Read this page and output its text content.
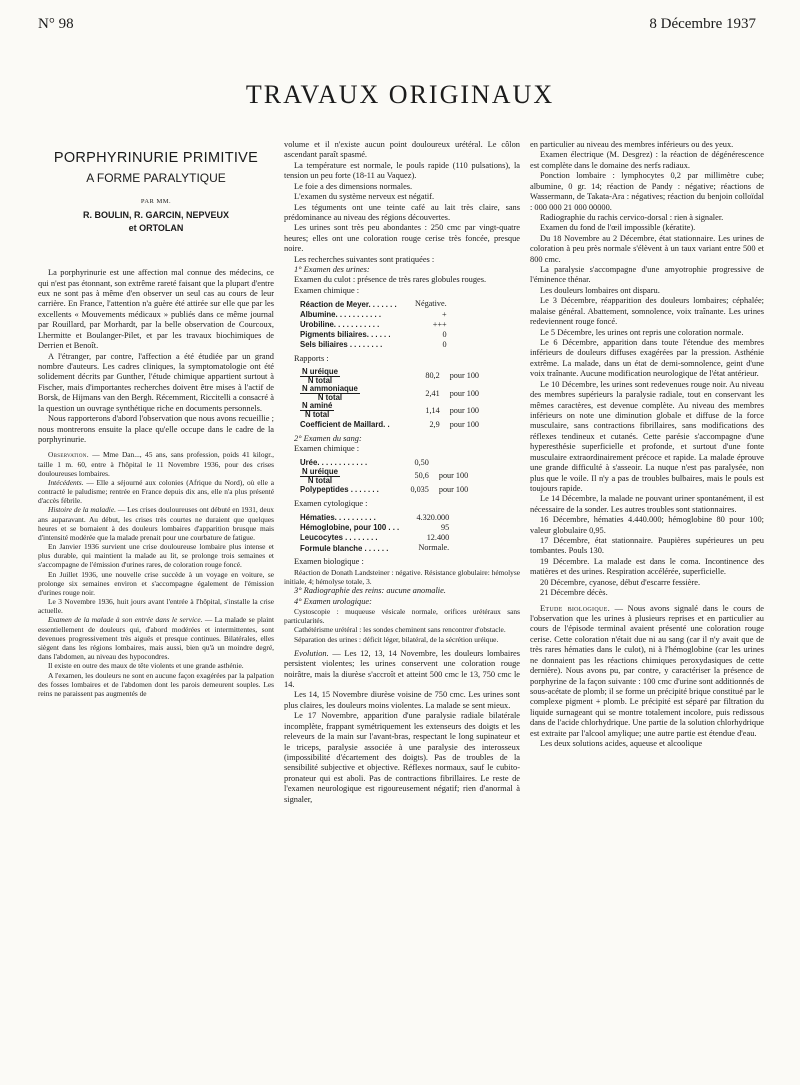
N° 98	8 Décembre 1937
TRAVAUX ORIGINAUX
PORPHYRINURIE PRIMITIVE
A FORME PARALYTIQUE
PAR MM.
R. BOULIN, R. GARCIN, NEPVEUX
et ORTOLAN

La porphyrinurie est une affection mal connue des médecins, ce qui n'est pas étonnant, son extrême rareté faisant que la plupart d'entre eux ne sont pas à même d'en observer un seul cas au cours de leur carrière. En France, l'attention n'a guère été attirée sur elle que par les excellents « Mouvements médicaux » publiés dans ce même journal par Rouillard, par Morhardt, par la belle observation de Courcoux, Lhermitte et Boulanger-Pilet, et par les travaux biochimiques de Derrien et Benoît.

A l'étranger, par contre, l'affection a été étudiée par un grand nombre d'auteurs. Les cadres cliniques, la symptomatologie ont été solidement décrits par Gunther, l'étude chimique appartient surtout à Fischer, mais d'importantes recherches doivent être mises à l'actif de Borsk, de Hijmans van den Bergh. Récemment, Riccitelli a consacré à la question un ouvrage synthétique riche en documents personnels.

Nous rapporterons d'abord l'observation que nous avons recueillie ; nous montrerons ensuite la place qu'elle occupe dans le cadre de la porphyrinurie.

Observation. — Mme Dan..., 45 ans, sans profession, poids 41 kilogr., taille 1 m. 60, entre à l'hôpital le 11 Novembre 1936, pour des crises douloureuses lombaires.

Intécédents. — Elle a séjourné aux colonies (Afrique du Nord), où elle a contracté le paludisme; rentrée en France depuis dix ans, elle n'a plus présenté d'accès fébrile.

Histoire de la maladie. — Les crises douloureuses ont débuté en 1931, deux ans auparavant. Au début, les crises très courtes ne duraient que quelques heures et se bornaient à des douleurs lombaires d'apparition brusque mais d'intensité modérée que la malade prenait pour une courbature de fatigue.

En Janvier 1936 survient une crise douloureuse lombaire plus intense et plus durable, qui maintient la malade au lit, se prolonge trois semaines et s'accompagne de l'émission d'urines rares, de coloration rouge foncé.

En Juillet 1936, une nouvelle crise succède à un voyage en voiture, se prolonge six semaines environ et s'accompagne également de l'émission d'urines rouge noir.

Le 3 Novembre 1936, huit jours avant l'entrée à l'hôpital, s'installe la crise actuelle.

Examen de la malade à son entrée dans le service. — La malade se plaint essentiellement de douleurs qui, d'abord modérées et intermittentes, sont devenues progressivement très aiguës et presque continues. Bilatérales, elles siègent dans les régions lombaires, mais aussi, bien qu'à un moindre degré, dans l'abdomen, au niveau des hypocondres.

Il existe en outre des maux de tête violents et une grande asthénie.

A l'examen, les douleurs ne sont en aucune façon exagérées par la palpation des fosses lombaires et de l'abdomen dont les parois demeurent souples. Les reins ne paraissent pas augmentés de

volume et il n'existe aucun point douloureux urétéral. Le côlon ascendant paraît spasmé.

La température est normale, le pouls rapide (110 pulsations), la tension un peu forte (18-11 au Vaquez).

Le foie a des dimensions normales.

L'examen du système nerveux est négatif.

Les téguments ont une teinte café au lait très claire, sans prédominance au niveau des régions découvertes.

Les urines sont très peu abondantes : 250 cmc par vingt-quatre heures; elles ont une coloration rouge cerise très foncée, presque noire.

Les recherches suivantes sont pratiquées :

1° Examen des urines:

Examen du culot : présence de très rares globules rouges.

Examen chimique :

Réaction de Meyer. . . . . . .	Négative.
Albumine. . . . . . . . . . .	+
Urobiline. . . . . . . . . . .	+++
Pigments biliaires. . . . . .	0
Sels biliaires . . . . . . . .	0

Rapports :

$\frac{\text{N uréique}}{\text{N total}}$	80,2	pour 100

$\frac{\text{N ammoniaque}}{\text{N total}}$	2,41	pour 100

$\frac{\text{N aminé}}{\text{N total}}$	1,14	pour 100
Coefficient de Maillard. .	2,9	pour 100

2° Examen du sang:

Examen chimique :

Urée. . . . . . . . . . . .	0,50	

$\frac{\text{N uréique}}{\text{N total}}$	50,6	pour 100
Polypeptides . . . . . . .	0,035	pour 100

Examen cytologique :

Hématies. . . . . . . . . .	4.320.000
Hémoglobine, pour 100 . . .	95
Leucocytes . . . . . . . .	12.400
Formule blanche . . . . . .	Normale.

Examen biologique :

Réaction de Donath Landsteiner : négative. Résistance globulaire: hémolyse initiale, 4; hémolyse totale, 3.

3° Radiographie des reins: aucune anomalie.

4° Examen urologique:

Cystoscopie : muqueuse vésicale normale, orifices urétéraux sans particularités.

Cathétérisme urétéral : les sondes cheminent sans rencontrer d'obstacle.

Séparation des urines : déficit léger, bilatéral, de la sécrétion uréique.

Evolution. — Les 12, 13, 14 Novembre, les douleurs lombaires persistent violentes; les urines conservent une coloration rouge noirâtre, mais la diurèse s'accroît et atteint 500 cmc le 13, 750 cmc le 14.

Les 14, 15 Novembre diurèse voisine de 750 cmc. Les urines sont plus claires, les douleurs moins violentes. La malade se sent mieux.

Le 17 Novembre, apparition d'une paralysie radiale bilatérale incomplète, frappant symétriquement les extenseurs des doigts et les releveurs de la main sur l'avant-bras, respectant le long supinateur et le triceps, paralysie associée à une paralysie des interosseux (impossibilité d'écartement des doigts). Pas de troubles de la sensibilité subjective et objective. Réflexes normaux, sauf le cubito-pronateur qui est aboli. Pas de contractions fibrillaires. Le reste de l'examen neurologique est rigoureusement négatif; rien d'anormal à signaler,

en particulier au niveau des membres inférieurs ou des yeux.

Examen électrique (M. Desgrez) : la réaction de dégénérescence est complète dans le domaine des nerfs radiaux.

Ponction lombaire : lymphocytes 0,2 par millimètre cube; albumine, 0 gr. 14; réaction de Pandy : négative; réactions de Wassermann, de Takata-Ara : négatives; réaction du benjoin colloïdal : 000 000 21 000 00000.

Radiographie du rachis cervico-dorsal : rien à signaler.

Examen du fond de l'œil impossible (kératite).

Du 18 Novembre au 2 Décembre, état stationnaire. Les urines de coloration à peu près normale s'élèvent à un taux variant entre 500 et 800 cmc.

La paralysie s'accompagne d'une amyotrophie progressive de l'éminence thénar.

Les douleurs lombaires ont disparu.

Le 3 Décembre, réapparition des douleurs lombaires; céphalée; malaise général. Abattement, somnolence, voix traînante. Les urines redeviennent rouge foncé.

Le 5 Décembre, les urines ont repris une coloration normale.

Le 6 Décembre, apparition dans toute l'étendue des membres inférieurs de douleurs diffuses exagérées par la pression. Asthénie extrême. La malade, dans un état de demi-somnolence, geint d'une voix traînante. Aucune modification neurologique de l'état antérieur.

Le 10 Décembre, les urines sont redevenues rouge noir. Au niveau des membres supérieurs la paralysie radiale, tout en conservant les mêmes caractères, est devenue complète. Au niveau des membres inférieurs on note une diminution globale et diffuse de la force musculaire, sans contractions fibrillaires, sans modifications des réflexes tendineux et cutanés. Cette parésie s'accompagne d'une hyperesthésie superficielle et profonde, et surtout d'une fonte musculaire extraordinairement précoce et rapide. La malade éprouve une grande difficulté à s'asseoir. La nuque n'est pas paralysée, non plus que le voile. Il n'y a pas de troubles bulbaires, mais le pouls est toujours rapide.

Le 14 Décembre, la malade ne pouvant uriner spontanément, il est nécessaire de la sonder. Les autres troubles sont stationnaires.

16 Décembre, hématies 4.440.000; hémoglobine 80 pour 100; valeur globulaire 0,95.

17 Décembre, état stationnaire. Paupières supérieures un peu tombantes. Pouls 130.

19 Décembre. La malade est dans le coma. Incontinence des matières et des urines. Respiration accélérée, superficielle.

20 Décembre, cyanose, début d'escarre fessière.

21 Décembre décès.

Etude biologique. — Nous avons signalé dans le cours de l'observation que les urines à plusieurs reprises et en particulier au cours de l'épisode terminal avaient présenté une coloration rouge cerise. Cette coloration n'était due ni au sang (car il n'y avait que de très rares hématies dans le culot), ni à l'hémoglobine (car les urines ne donnaient pas les réactions chimiques peroxydasiques de cette dernière). Nous avons pu, par contre, y caractériser la présence de porphyrine de la façon suivante : 100 cmc d'urine sont additionnés de sous-acétate de plomb; il se forme un précipité brique constitué par le complexe pigment + plomb. Le précipité est séparé par filtration du liquide surnageant qui se montre totalement incolore, puis redissous dans de l'acide chlorhydrique. Une partie de la solution chlorhydrique est extraite par l'alcool amylique; une autre partie est étendue d'eau.

Les deux solutions acides, aqueuse et alcoolique
